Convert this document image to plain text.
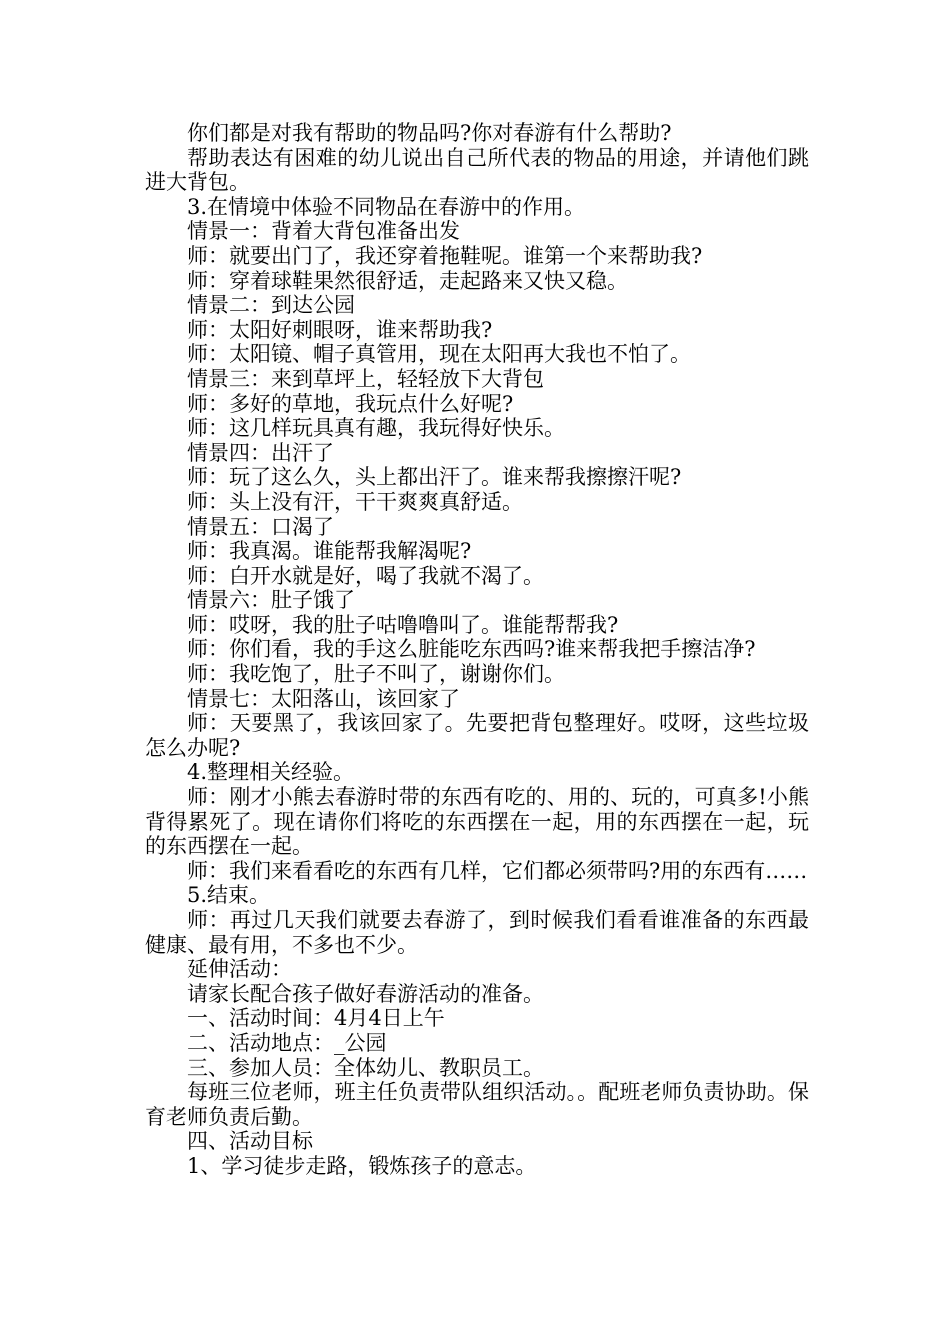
你们都是对我有帮助的物品吗?你对春游有什么帮助?

帮助表达有困难的幼儿说出自己所代表的物品的用途，并请他们跳进大背包。

3.在情境中体验不同物品在春游中的作用。

情景一：背着大背包准备出发

师：就要出门了，我还穿着拖鞋呢。谁第一个来帮助我?

师：穿着球鞋果然很舒适，走起路来又快又稳。

情景二：到达公园

师：太阳好刺眼呀，谁来帮助我?

师：太阳镜、帽子真管用，现在太阳再大我也不怕了。

情景三：来到草坪上，轻轻放下大背包

师：多好的草地，我玩点什么好呢?

师：这几样玩具真有趣，我玩得好快乐。

情景四：出汗了

师：玩了这么久，头上都出汗了。谁来帮我擦擦汗呢?

师：头上没有汗，干干爽爽真舒适。

情景五：口渴了

师：我真渴。谁能帮我解渴呢?

师：白开水就是好，喝了我就不渴了。

情景六：肚子饿了

师：哎呀，我的肚子咕噜噜叫了。谁能帮帮我?

师：你们看，我的手这么脏能吃东西吗?谁来帮我把手擦洁净?

师：我吃饱了，肚子不叫了，谢谢你们。

情景七：太阳落山，该回家了

师：天要黑了，我该回家了。先要把背包整理好。哎呀，这些垃圾怎么办呢?

4.整理相关经验。

师：刚才小熊去春游时带的东西有吃的、用的、玩的，可真多!小熊背得累死了。现在请你们将吃的东西摆在一起，用的东西摆在一起，玩的东西摆在一起。

师：我们来看看吃的东西有几样，它们都必须带吗?用的东西有……

5.结束。

师：再过几天我们就要去春游了，到时候我们看看谁准备的东西最健康、最有用，不多也不少。

延伸活动：

请家长配合孩子做好春游活动的准备。

一、活动时间：4月4日上午

二、活动地点：_公园

三、参加人员：全体幼儿、教职员工。

每班三位老师，班主任负责带队组织活动。。配班老师负责协助。保育老师负责后勤。

四、活动目标

1、学习徒步走路，锻炼孩子的意志。
